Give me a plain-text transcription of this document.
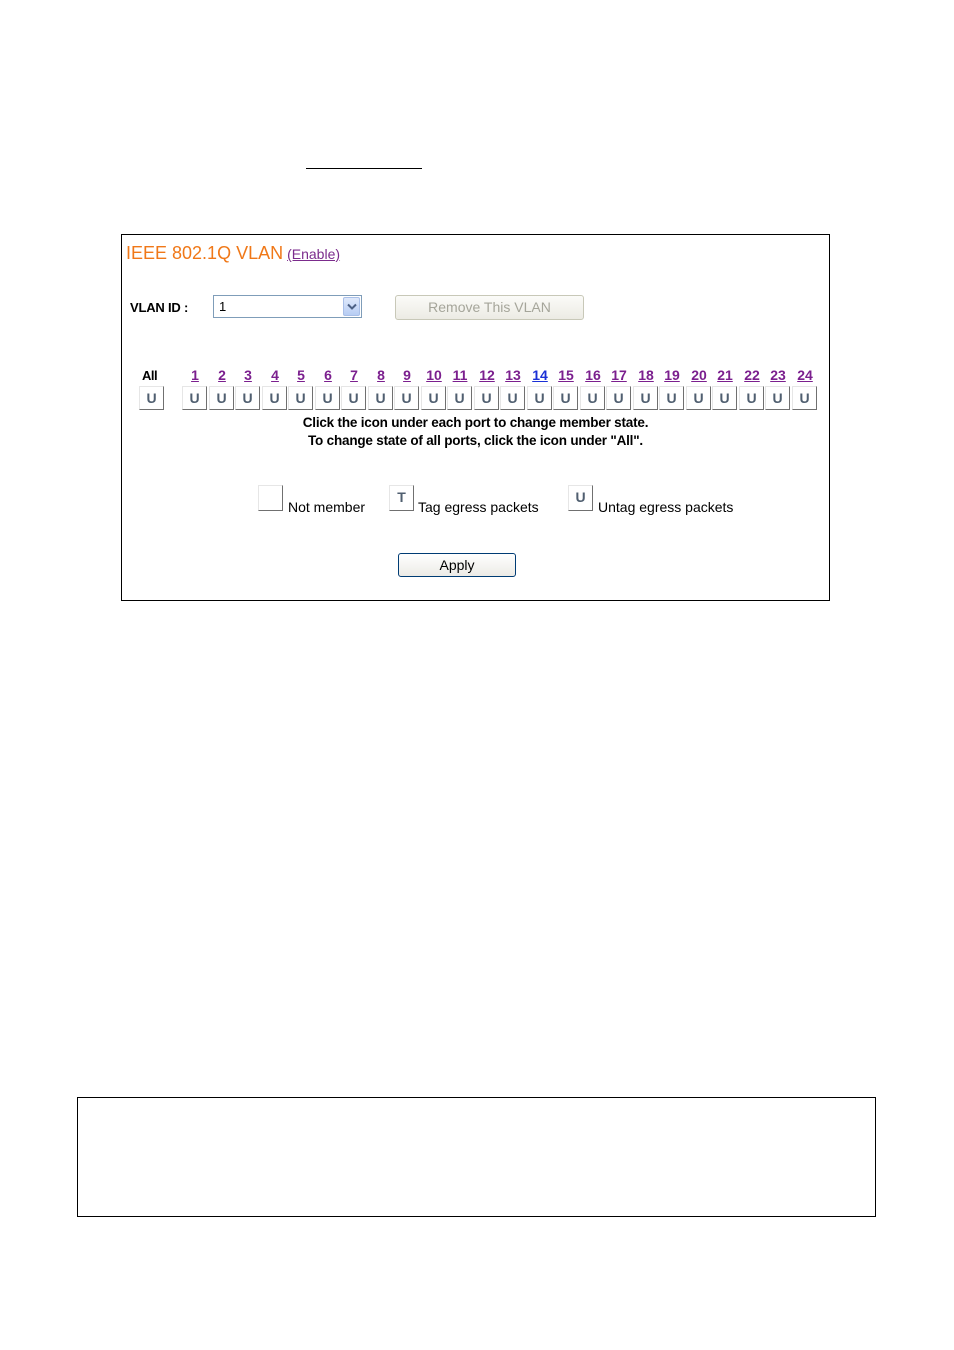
IEEE 802.1Q VLAN (Enable)
VLAN ID : 1	Remove This VLAN
All
U
1
U
2
U
3
U
4
U
5
U
6
U
7
U
8
U
9
U
10
U
11
U
12
U
13
U
14
U
15
U
16
U
17
U
18
U
19
U
20
U
21
U
22
U
23
U
24
U
Click the icon under each port to change member state.
To change state of all ports, click the icon under "All".
Not member
T
Tag egress packets
U
Untag egress packets
Apply
